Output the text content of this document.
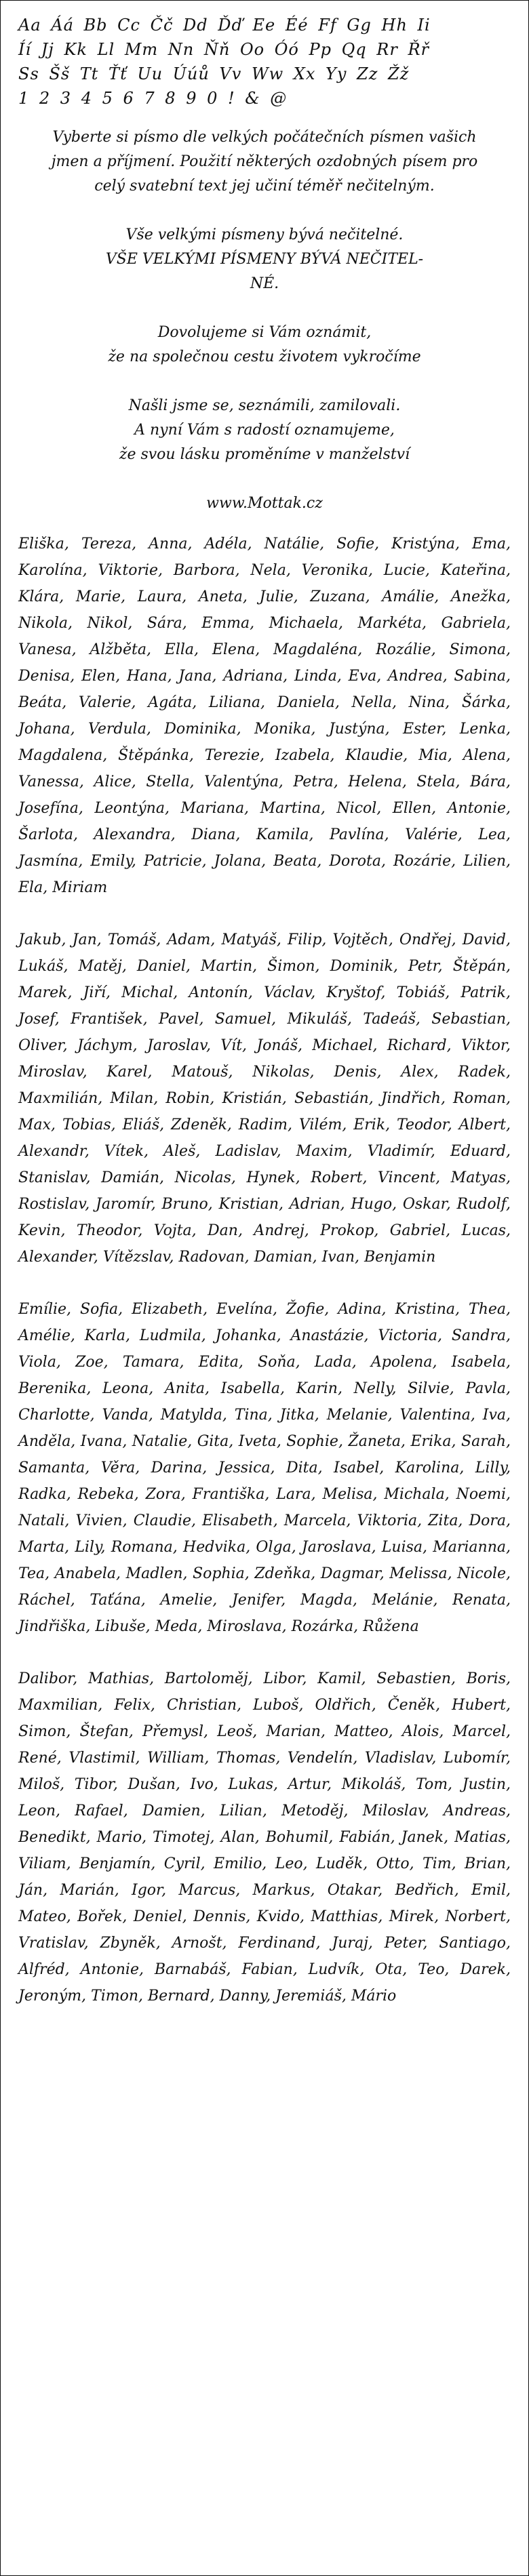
Aa Áá Bb Cc Čč Dd Ďď Ee Éé Ff Gg Hh Ii
Íí Jj Kk Ll Mm Nn Ňň Oo Óó Pp Qq Rr Řř
Ss Šš Tt Ťť Uu Úúů Vv Ww Xx Yy Zz Žž
1 2 3 4 5 6 7 8 9 0 ! & @
Vyberte si písmo dle velkých počátečních písmen vašich
jmen a příjmení. Použití některých ozdobných písem pro
celý svatební text jej učiní téměř nečitelným.
Vše velkými písmeny bývá nečitelné.
VŠE VELKÝMI PÍSMENY BÝVÁ NEČITEL-
NÉ.
Dovolujeme si Vám oznámit,
že na společnou cestu životem vykročíme
Našli jsme se, seznámili, zamilovali.
A nyní Vám s radostí oznamujeme,
že svou lásku proměníme v manželství
www.Mottak.cz
Eliška, Tereza, Anna, Adéla, Natálie, Sofie, Kristýna, Ema, Karolína, Viktorie, Barbora, Nela, Veronika, Lucie, Kateřina, Klára, Marie, Laura, Aneta, Julie, Zuzana, Amálie, Anežka, Nikola, Nikol, Sára, Emma, Michaela, Markéta, Gabriela, Vanesa, Alžběta, Ella, Elena, Magdaléna, Rozálie, Simona, Denisa, Elen, Hana, Jana, Adriana, Linda, Eva, Andrea, Sabina, Beáta, Valerie, Agáta, Liliana, Daniela, Nella, Nina, Šárka, Johana, Verdula, Dominika, Monika, Justýna, Ester, Lenka, Magdalena, Štěpánka, Terezie, Izabela, Klaudie, Mia, Alena, Vanessa, Alice, Stella, Valentýna, Petra, Helena, Stela, Bára, Josefína, Leontýna, Mariana, Martina, Nicol, Ellen, Antonie, Šarlota, Alexandra, Diana, Kamila, Pavlína, Valérie, Lea, Jasmína, Emily, Patricie, Jolana, Beata, Dorota, Rozárie, Lilien, Ela, Miriam
Jakub, Jan, Tomáš, Adam, Matyáš, Filip, Vojtěch, Ondřej, David, Lukáš, Matěj, Daniel, Martin, Šimon, Dominik, Petr, Štěpán, Marek, Jiří, Michal, Antonín, Václav, Kryštof, Tobiáš, Patrik, Josef, František, Pavel, Samuel, Mikuláš, Tadeáš, Sebastian, Oliver, Jáchym, Jaroslav, Vít, Jonáš, Michael, Richard, Viktor, Miroslav, Karel, Matouš, Nikolas, Denis, Alex, Radek, Maxmilián, Milan, Robin, Kristián, Sebastián, Jindřich, Roman, Max, Tobias, Eliáš, Zdeněk, Radim, Vilém, Erik, Teodor, Albert, Alexandr, Vítek, Aleš, Ladislav, Maxim, Vladimír, Eduard, Stanislav, Damián, Nicolas, Hynek, Robert, Vincent, Matyas, Rostislav, Jaromír, Bruno, Kristian, Adrian, Hugo, Oskar, Rudolf, Kevin, Theodor, Vojta, Dan, Andrej, Prokop, Gabriel, Lucas, Alexander, Vítězslav, Radovan, Damian, Ivan, Benjamin
Emílie, Sofia, Elizabeth, Evelína, Žofie, Adina, Kristina, Thea, Amélie, Karla, Ludmila, Johanka, Anastázie, Victoria, Sandra, Viola, Zoe, Tamara, Edita, Soňa, Lada, Apolena, Isabela, Berenika, Leona, Anita, Isabella, Karin, Nelly, Silvie, Pavla, Charlotte, Vanda, Matylda, Tina, Jitka, Melanie, Valentina, Iva, Anděla, Ivana, Natalie, Gita, Iveta, Sophie, Žaneta, Erika, Sarah, Samanta, Věra, Darina, Jessica, Dita, Isabel, Karolina, Lilly, Radka, Rebeka, Zora, Františka, Lara, Melisa, Michala, Noemi, Natali, Vivien, Claudie, Elisabeth, Marcela, Viktoria, Zita, Dora, Marta, Lily, Romana, Hedvika, Olga, Jaroslava, Luisa, Marianna, Tea, Anabela, Madlen, Sophia, Zdeňka, Dagmar, Melissa, Nicole, Ráchel, Taťána, Amelie, Jenifer, Magda, Melánie, Renata, Jindřiška, Libuše, Meda, Miroslava, Rozárka, Růžena
Dalibor, Mathias, Bartoloměj, Libor, Kamil, Sebastien, Boris, Maxmilian, Felix, Christian, Luboš, Oldřich, Čeněk, Hubert, Simon, Štefan, Přemysl, Leoš, Marian, Matteo, Alois, Marcel, René, Vlastimil, William, Thomas, Vendelín, Vladislav, Lubomír, Miloš, Tibor, Dušan, Ivo, Lukas, Artur, Mikoláš, Tom, Justin, Leon, Rafael, Damien, Lilian, Metoděj, Miloslav, Andreas, Benedikt, Mario, Timotej, Alan, Bohumil, Fabián, Janek, Matias, Viliam, Benjamín, Cyril, Emilio, Leo, Luděk, Otto, Tim, Brian, Ján, Marián, Igor, Marcus, Markus, Otakar, Bedřich, Emil, Mateo, Bořek, Deniel, Dennis, Kvido, Matthias, Mirek, Norbert, Vratislav, Zbyněk, Arnošt, Ferdinand, Juraj, Peter, Santiago, Alfréd, Antonie, Barnabáš, Fabian, Ludvík, Ota, Teo, Darek, Jeroným, Timon, Bernard, Danny, Jeremiáš, Mário
